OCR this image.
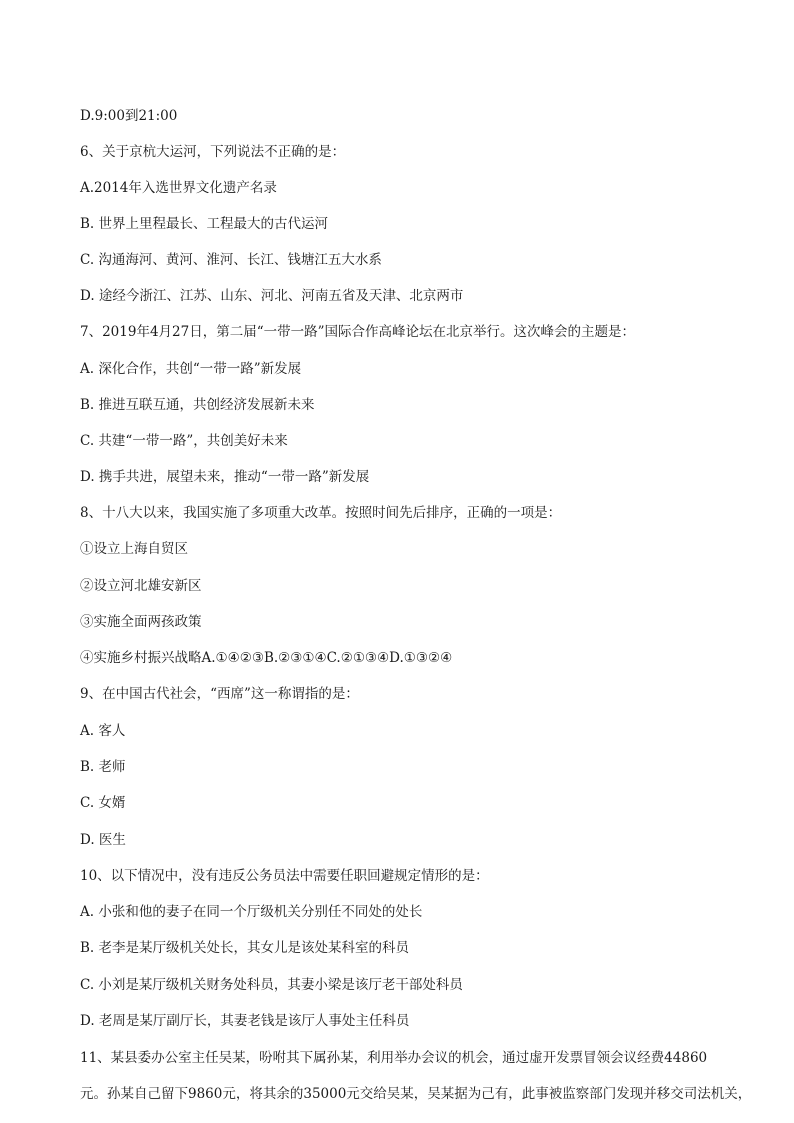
D.9:00到21:00
6、关于京杭大运河，下列说法不正确的是：
A.2014年入选世界文化遗产名录
B. 世界上里程最长、工程最大的古代运河
C. 沟通海河、黄河、淮河、长江、钱塘江五大水系
D. 途经今浙江、江苏、山东、河北、河南五省及天津、北京两市
7、2019年4月27日，第二届“一带一路”国际合作高峰论坛在北京举行。这次峰会的主题是：
A. 深化合作，共创“一带一路”新发展
B. 推进互联互通，共创经济发展新未来
C. 共建“一带一路”，共创美好未来
D. 携手共进，展望未来，推动“一带一路”新发展
8、十八大以来，我国实施了多项重大改革。按照时间先后排序，正确的一项是：
①设立上海自贸区
②设立河北雄安新区
③实施全面两孩政策
④实施乡村振兴战略A.①④②③B.②③①④C.②①③④D.①③②④
9、在中国古代社会，“西席”这一称谓指的是：
A. 客人
B. 老师
C. 女婿
D. 医生
10、以下情况中，没有违反公务员法中需要任职回避规定情形的是：
A. 小张和他的妻子在同一个厅级机关分别任不同处的处长
B. 老李是某厅级机关处长，其女儿是该处某科室的科员
C. 小刘是某厅级机关财务处科员，其妻小梁是该厅老干部处科员
D. 老周是某厅副厅长，其妻老钱是该厅人事处主任科员
11、某县委办公室主任吴某，吩咐其下属孙某，利用举办会议的机会，通过虚开发票冒领会议经费44860
元。孙某自己留下9860元，将其余的35000元交给吴某，吴某据为己有，此事被监察部门发现并移交司法机关，
